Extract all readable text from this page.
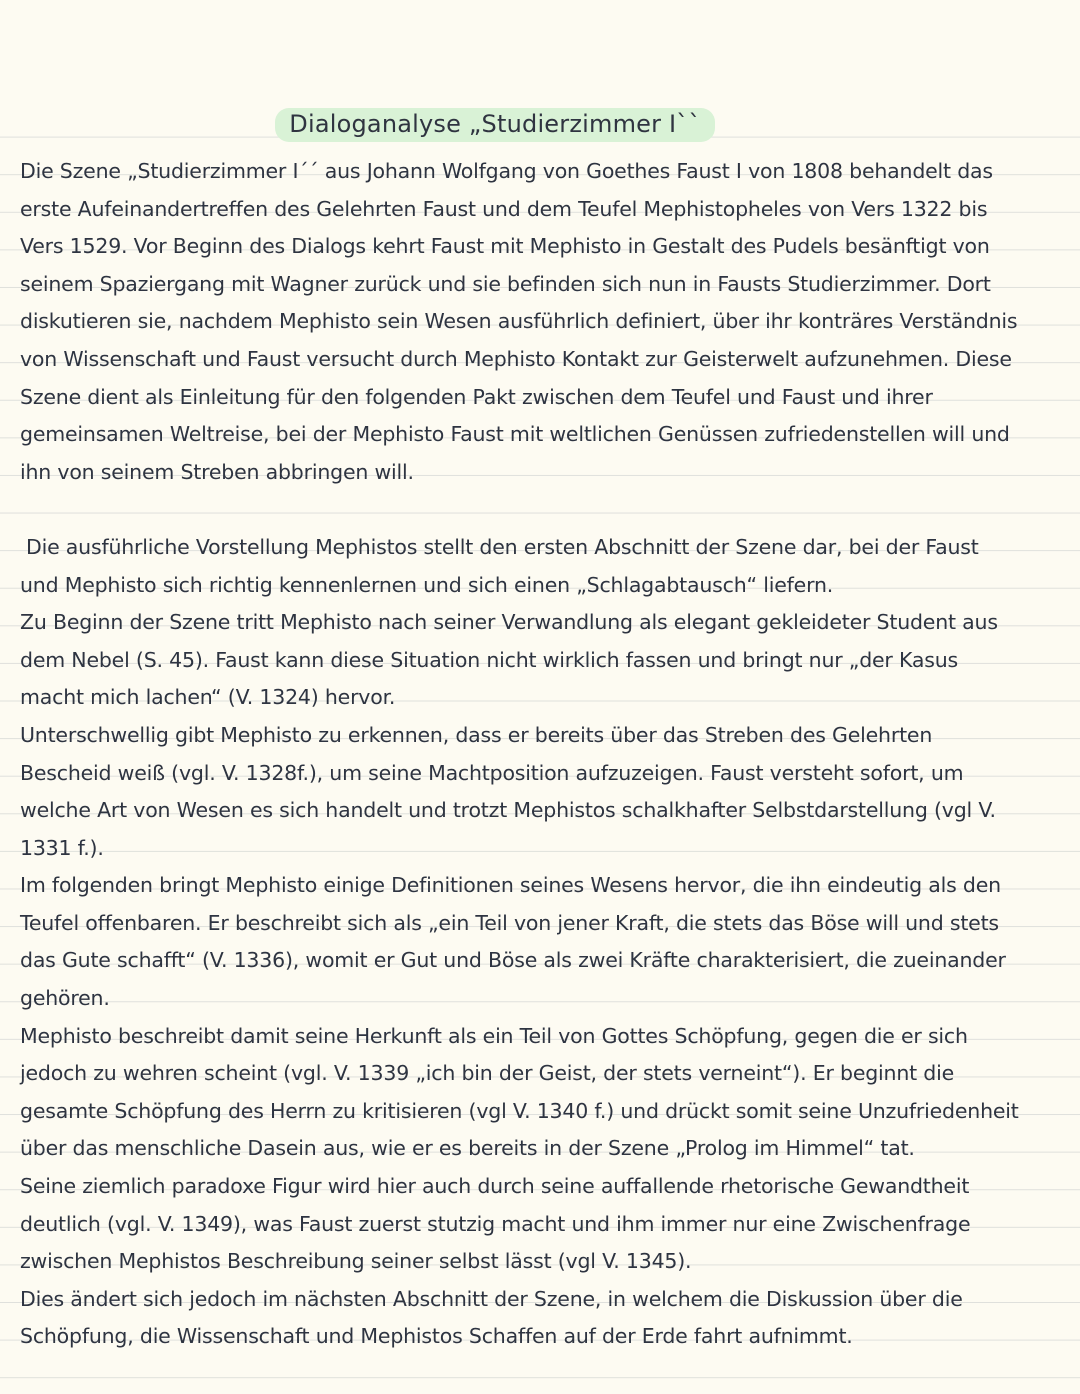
Dialoganalyse „Studierzimmer I``

Die Szene „Studierzimmer I´´ aus Johann Wolfgang von Goethes Faust I von 1808 behandelt das erste Aufeinandertreffen des Gelehrten Faust und dem Teufel Mephistopheles von Vers 1322 bis Vers 1529. Vor Beginn des Dialogs kehrt Faust mit Mephisto in Gestalt des Pudels besänftigt von seinem Spaziergang mit Wagner zurück und sie befinden sich nun in Fausts Studierzimmer. Dort diskutieren sie, nachdem Mephisto sein Wesen ausführlich definiert, über ihr konträres Verständnis von Wissenschaft und Faust versucht durch Mephisto Kontakt zur Geisterwelt aufzunehmen. Diese Szene dient als Einleitung für den folgenden Pakt zwischen dem Teufel und Faust und ihrer gemeinsamen Weltreise, bei der Mephisto Faust mit weltlichen Genüssen zufriedenstellen will und ihn von seinem Streben abbringen will.

Die ausführliche Vorstellung Mephistos stellt den ersten Abschnitt der Szene dar, bei der Faust und Mephisto sich richtig kennenlernen und sich einen „Schlagabtausch“ liefern.

Zu Beginn der Szene tritt Mephisto nach seiner Verwandlung als elegant gekleideter Student aus dem Nebel (S. 45). Faust kann diese Situation nicht wirklich fassen und bringt nur „der Kasus macht mich lachen“ (V. 1324) hervor.

Unterschwellig gibt Mephisto zu erkennen, dass er bereits über das Streben des Gelehrten Bescheid weiß (vgl. V. 1328f.), um seine Machtposition aufzuzeigen. Faust versteht sofort, um welche Art von Wesen es sich handelt und trotzt Mephistos schalkhafter Selbstdarstellung (vgl V. 1331 f.).

Im folgenden bringt Mephisto einige Definitionen seines Wesens hervor, die ihn eindeutig als den Teufel offenbaren. Er beschreibt sich als „ein Teil von jener Kraft, die stets das Böse will und stets das Gute schafft“ (V. 1336), womit er Gut und Böse als zwei Kräfte charakterisiert, die zueinander gehören.

Mephisto beschreibt damit seine Herkunft als ein Teil von Gottes Schöpfung, gegen die er sich jedoch zu wehren scheint (vgl. V. 1339 „ich bin der Geist, der stets verneint“). Er beginnt die gesamte Schöpfung des Herrn zu kritisieren (vgl V. 1340 f.) und drückt somit seine Unzufriedenheit über das menschliche Dasein aus, wie er es bereits in der Szene „Prolog im Himmel“ tat.

Seine ziemlich paradoxe Figur wird hier auch durch seine auffallende rhetorische Gewandtheit deutlich (vgl. V. 1349), was Faust zuerst stutzig macht und ihm immer nur eine Zwischenfrage zwischen Mephistos Beschreibung seiner selbst lässt (vgl V. 1345).

Dies ändert sich jedoch im nächsten Abschnitt der Szene, in welchem die Diskussion über die Schöpfung, die Wissenschaft und Mephistos Schaffen auf der Erde fahrt aufnimmt.
